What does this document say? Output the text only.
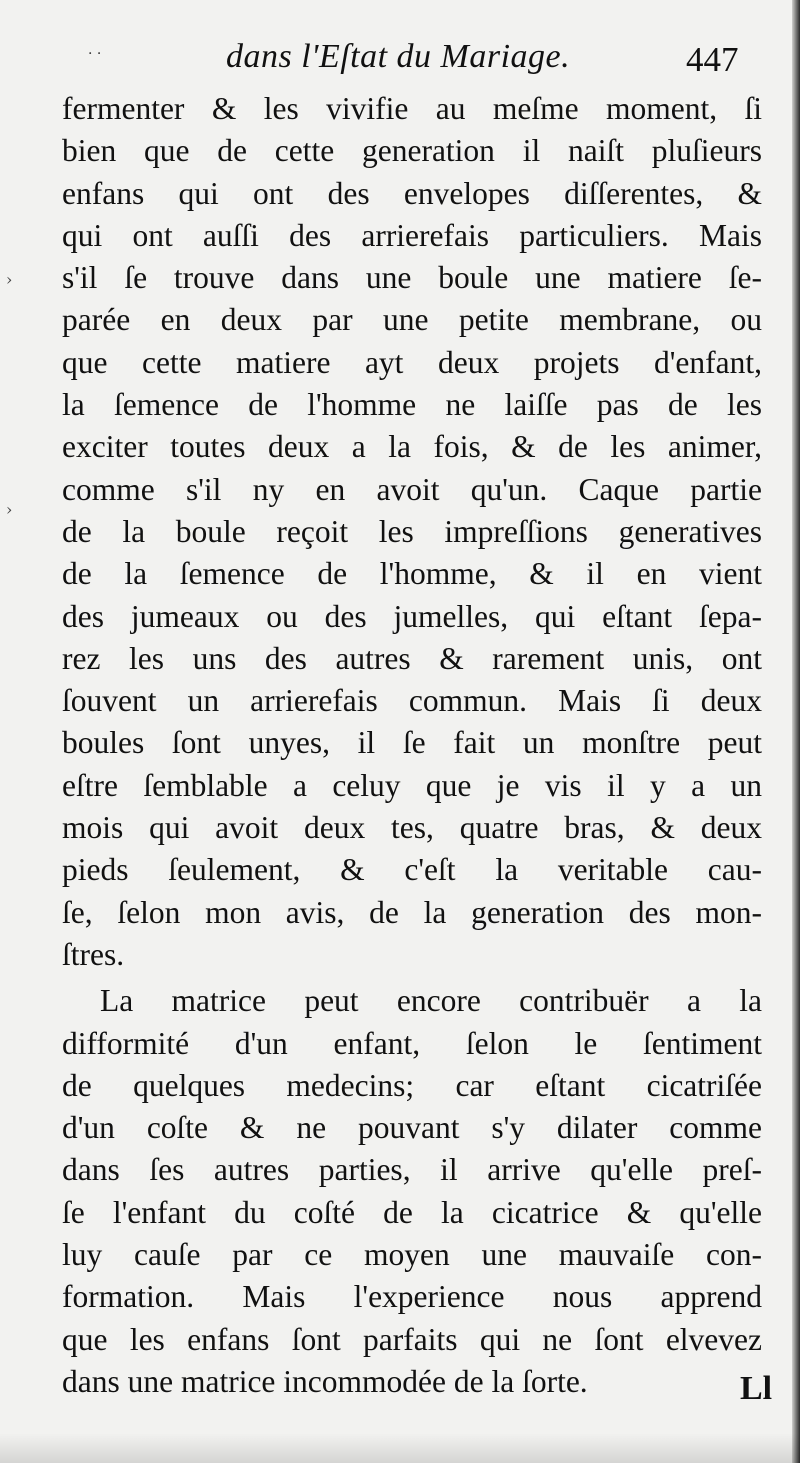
· ·	dans l'Eſtat du Mariage.	447
fermenter & les vivifie au meſme moment, ſi
bien que de cette generation il naiſt pluſieurs
enfans qui ont des envelopes diſſerentes, &
qui ont auſſi des arrierefais particuliers. Mais
s'il ſe trouve dans une boule une matiere ſe-
parée en deux par une petite membrane, ou
que cette matiere ayt deux projets d'enfant,
la ſemence de l'homme ne laiſſe pas de les
exciter toutes deux a la fois, & de les animer,
comme s'il ny en avoit qu'un. Caque partie
de la boule reçoit les impreſſions generatives
de la ſemence de l'homme, & il en vient
des jumeaux ou des jumelles, qui eſtant ſepa-
rez les uns des autres & rarement unis, ont
ſouvent un arrierefais commun. Mais ſi deux
boules ſont unyes, il ſe fait un monſtre peut
eſtre ſemblable a celuy que je vis il y a un
mois qui avoit deux tes, quatre bras, & deux
pieds ſeulement, & c'eſt la veritable cau-
ſe, ſelon mon avis, de la generation des mon-
ſtres.
La matrice peut encore contribuër a la
difformité d'un enfant, ſelon le ſentiment
de quelques medecins; car eſtant cicatriſée
d'un coſte & ne pouvant s'y dilater comme
dans ſes autres parties, il arrive qu'elle preſ-
ſe l'enfant du coſté de la cicatrice & qu'elle
luy cauſe par ce moyen une mauvaiſe con-
formation. Mais l'experience nous apprend
que les enfans ſont parfaits qui ne ſont elvevez
dans une matrice incommodée de la ſorte.	Ll
›
›
